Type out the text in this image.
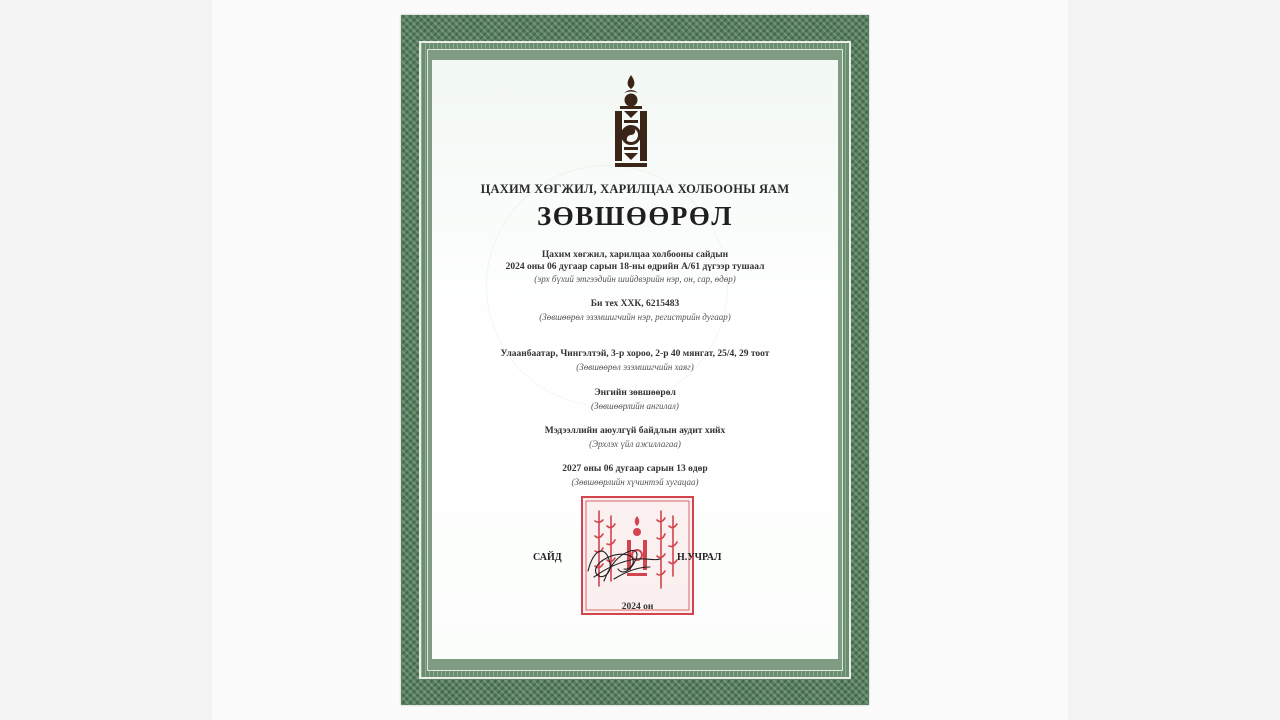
ЦАХИМ ХӨГЖИЛ, ХАРИЛЦАА ХОЛБООНЫ ЯАМ
ЗӨВШӨӨРӨЛ
Цахим хөгжил, харилцаа холбооны сайдын
2024 оны 06 дугаар сарын 18-ны өдрийн А/61 дүгээр тушаал
(эрх бүхий этгээдийн шийдвэрийн нэр, он, сар, өдөр)
Би тех ХХК, 6215483
(Зөвшөөрөл эзэмшигчийн нэр, регистрийн дугаар)
Улаанбаатар, Чингэлтэй, 3-р хороо, 2-р 40 мянгат, 25/4, 29 тоот
(Зөвшөөрөл эзэмшигчийн хаяг)
Энгийн зөвшөөрөл
(Зөвшөөрлийн ангилал)
Мэдээллийн аюулгүй байдлын аудит хийх
(Эрхлэх үйл ажиллагаа)
2027 оны 06 дугаар сарын 13 өдөр
(Зөвшөөрлийн хүчинтэй хугацаа)
САЙД	Н.УЧРАЛ
2024 он
